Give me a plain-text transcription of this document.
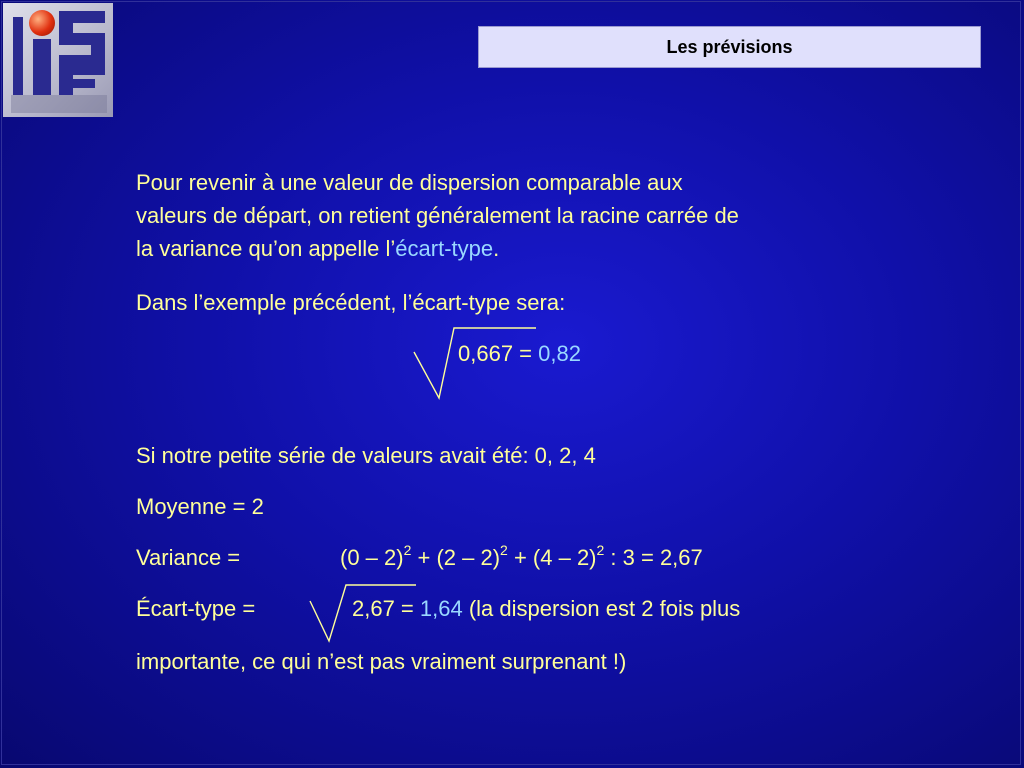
Les prévisions
Pour revenir à une valeur de dispersion comparable aux
valeurs de départ, on retient généralement la racine carrée de
la variance qu’on appelle l’écart-type.
Dans l’exemple précédent, l’écart-type sera:
0,667 = 0,82
Si notre petite série de valeurs avait été: 0, 2, 4
Moyenne = 2
Variance =	(0 – 2)$^2$ + (2 – 2)$^2$ + (4 – 2)$^2$ : 3 = 2,67
Écart-type =	2,67 = 1,64 (la dispersion est 2 fois plus
importante, ce qui n’est pas vraiment surprenant !)
